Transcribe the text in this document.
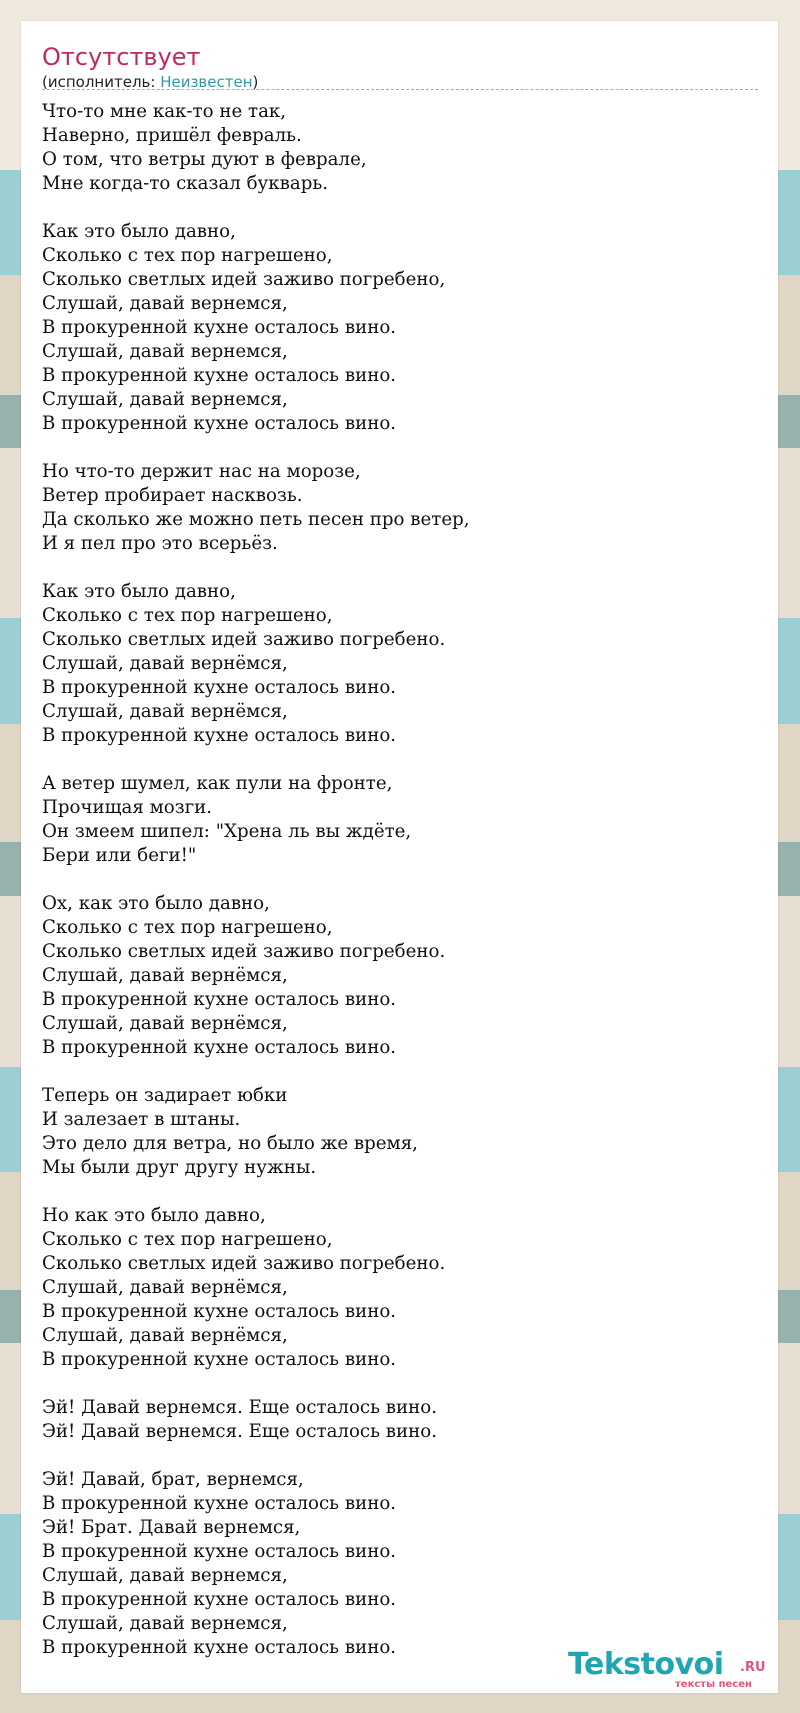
Отсутствует
(исполнитель: Неизвестен)
Что-то мне как-то не так,
Наверно, пришёл февраль.
О том, что ветры дуют в феврале,
Мне когда-то сказал букварь.
Как это было давно,
Сколько с тех пор нагрешено,
Сколько светлых идей заживо погребено,
Слушай, давай вернемся,
В прокуренной кухне осталось вино.
Слушай, давай вернемся,
В прокуренной кухне осталось вино.
Слушай, давай вернемся,
В прокуренной кухне осталось вино.
Но что-то держит нас на морозе,
Ветер пробирает насквозь.
Да сколько же можно петь песен про ветер,
И я пел про это всерьёз.
Как это было давно,
Сколько с тех пор нагрешено,
Сколько светлых идей заживо погребено.
Слушай, давай вернёмся,
В прокуренной кухне осталось вино.
Слушай, давай вернёмся,
В прокуренной кухне осталось вино.
А ветер шумел, как пули на фронте,
Прочищая мозги.
Он змеем шипел: "Хрена ль вы ждёте,
Бери или беги!"
Ох, как это было давно,
Сколько с тех пор нагрешено,
Сколько светлых идей заживо погребено.
Слушай, давай вернёмся,
В прокуренной кухне осталось вино.
Слушай, давай вернёмся,
В прокуренной кухне осталось вино.
Теперь он задирает юбки
И залезает в штаны.
Это дело для ветра, но было же время,
Мы были друг другу нужны.
Но как это было давно,
Сколько с тех пор нагрешено,
Сколько светлых идей заживо погребено.
Слушай, давай вернёмся,
В прокуренной кухне осталось вино.
Слушай, давай вернёмся,
В прокуренной кухне осталось вино.
Эй! Давай вернемся. Еще осталось вино.
Эй! Давай вернемся. Еще осталось вино.
Эй! Давай, брат, вернемся,
В прокуренной кухне осталось вино.
Эй! Брат. Давай вернемся,
В прокуренной кухне осталось вино.
Слушай, давай вернемся,
В прокуренной кухне осталось вино.
Слушай, давай вернемся,
В прокуренной кухне осталось вино.	Tekstovoi .RU
тексты песен
